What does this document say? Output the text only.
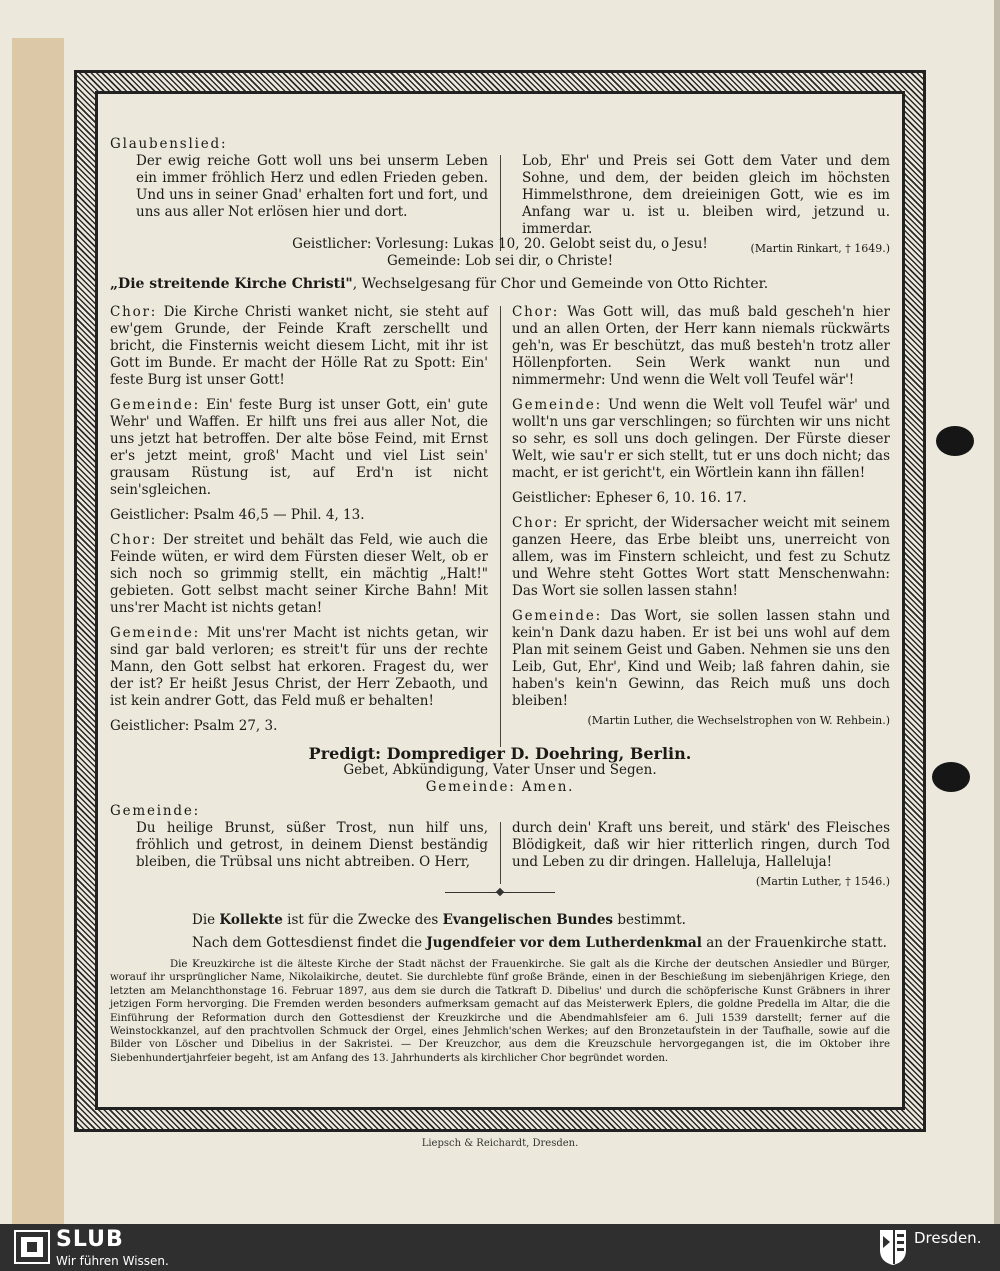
Glaubenslied:

Der ewig reiche Gott woll uns bei unserm Leben ein immer fröhlich Herz und edlen Frieden geben. Und uns in seiner Gnad' erhalten fort und fort, und uns aus aller Not erlösen hier und dort.

Lob, Ehr' und Preis sei Gott dem Vater und dem Sohne, und dem, der beiden gleich im höchsten Himmelsthrone, dem dreieinigen Gott, wie es im Anfang war u. ist u. bleiben wird, jetzund u. immerdar.

(Martin Rinkart, † 1649.)

Geistlicher: Vorlesung: Lukas 10, 20. Gelobt seist du, o Jesu!

Gemeinde: Lob sei dir, o Christe!

„Die streitende Kirche Christi", Wechselgesang für Chor und Gemeinde von Otto Richter.

Chor: Die Kirche Christi wanket nicht, sie steht auf ew'gem Grunde, der Feinde Kraft zerschellt und bricht, die Finsternis weicht diesem Licht, mit ihr ist Gott im Bunde. Er macht der Hölle Rat zu Spott: Ein' feste Burg ist unser Gott!

Gemeinde: Ein' feste Burg ist unser Gott, ein' gute Wehr' und Waffen. Er hilft uns frei aus aller Not, die uns jetzt hat betroffen. Der alte böse Feind, mit Ernst er's jetzt meint, groß' Macht und viel List sein' grausam Rüstung ist, auf Erd'n ist nicht sein'sgleichen.

Geistlicher: Psalm 46,5 — Phil. 4, 13.

Chor: Der streitet und behält das Feld, wie auch die Feinde wüten, er wird dem Fürsten dieser Welt, ob er sich noch so grimmig stellt, ein mächtig „Halt!" gebieten. Gott selbst macht seiner Kirche Bahn! Mit uns'rer Macht ist nichts getan!

Gemeinde: Mit uns'rer Macht ist nichts getan, wir sind gar bald verloren; es streit't für uns der rechte Mann, den Gott selbst hat erkoren. Fragest du, wer der ist? Er heißt Jesus Christ, der Herr Zebaoth, und ist kein andrer Gott, das Feld muß er behalten!

Geistlicher: Psalm 27, 3.

Chor: Was Gott will, das muß bald gescheh'n hier und an allen Orten, der Herr kann niemals rückwärts geh'n, was Er beschützt, das muß besteh'n trotz aller Höllenpforten. Sein Werk wankt nun und nimmermehr: Und wenn die Welt voll Teufel wär'!

Gemeinde: Und wenn die Welt voll Teufel wär' und wollt'n uns gar verschlingen; so fürchten wir uns nicht so sehr, es soll uns doch gelingen. Der Fürste dieser Welt, wie sau'r er sich stellt, tut er uns doch nicht; das macht, er ist gericht't, ein Wörtlein kann ihn fällen!

Geistlicher: Epheser 6, 10. 16. 17.

Chor: Er spricht, der Widersacher weicht mit seinem ganzen Heere, das Erbe bleibt uns, unerreicht von allem, was im Finstern schleicht, und fest zu Schutz und Wehre steht Gottes Wort statt Menschenwahn: Das Wort sie sollen lassen stahn!

Gemeinde: Das Wort, sie sollen lassen stahn und kein'n Dank dazu haben. Er ist bei uns wohl auf dem Plan mit seinem Geist und Gaben. Nehmen sie uns den Leib, Gut, Ehr', Kind und Weib; laß fahren dahin, sie haben's kein'n Gewinn, das Reich muß uns doch bleiben!

(Martin Luther, die Wechselstrophen von W. Rehbein.)

Predigt: Domprediger D. Doehring, Berlin.

Gebet, Abkündigung, Vater Unser und Segen.

Gemeinde: Amen.

Gemeinde:

Du heilige Brunst, süßer Trost, nun hilf uns, fröhlich und getrost, in deinem Dienst beständig bleiben, die Trübsal uns nicht abtreiben. O Herr,

durch dein' Kraft uns bereit, und stärk' des Fleisches Blödigkeit, daß wir hier ritterlich ringen, durch Tod und Leben zu dir dringen. Halleluja, Halleluja!

(Martin Luther, † 1546.)

Die Kollekte ist für die Zwecke des Evangelischen Bundes bestimmt.

Nach dem Gottesdienst findet die Jugendfeier vor dem Lutherdenkmal an der Frauenkirche statt.

Die Kreuzkirche ist die älteste Kirche der Stadt nächst der Frauenkirche. Sie galt als die Kirche der deutschen Ansiedler und Bürger, worauf ihr ursprünglicher Name, Nikolaikirche, deutet. Sie durchlebte fünf große Brände, einen in der Beschießung im siebenjährigen Kriege, den letzten am Melanchthonstage 16. Februar 1897, aus dem sie durch die Tatkraft D. Dibelius' und durch die schöpferische Kunst Gräbners in ihrer jetzigen Form hervorging. Die Fremden werden besonders aufmerksam gemacht auf das Meisterwerk Eplers, die goldne Predella im Altar, die die Einführung der Reformation durch den Gottesdienst der Kreuzkirche und die Abendmahlsfeier am 6. Juli 1539 darstellt; ferner auf die Weinstockkanzel, auf den prachtvollen Schmuck der Orgel, eines Jehmlich'schen Werkes; auf den Bronzetaufstein in der Taufhalle, sowie auf die Bilder von Löscher und Dibelius in der Sakristei. — Der Kreuzchor, aus dem die Kreuzschule hervorgegangen ist, die im Oktober ihre Siebenhundertjahrfeier begeht, ist am Anfang des 13. Jahrhunderts als kirchlicher Chor begründet worden.

Liepsch & Reichardt, Dresden.
SLUB
Wir führen Wissen.
Dresden.
